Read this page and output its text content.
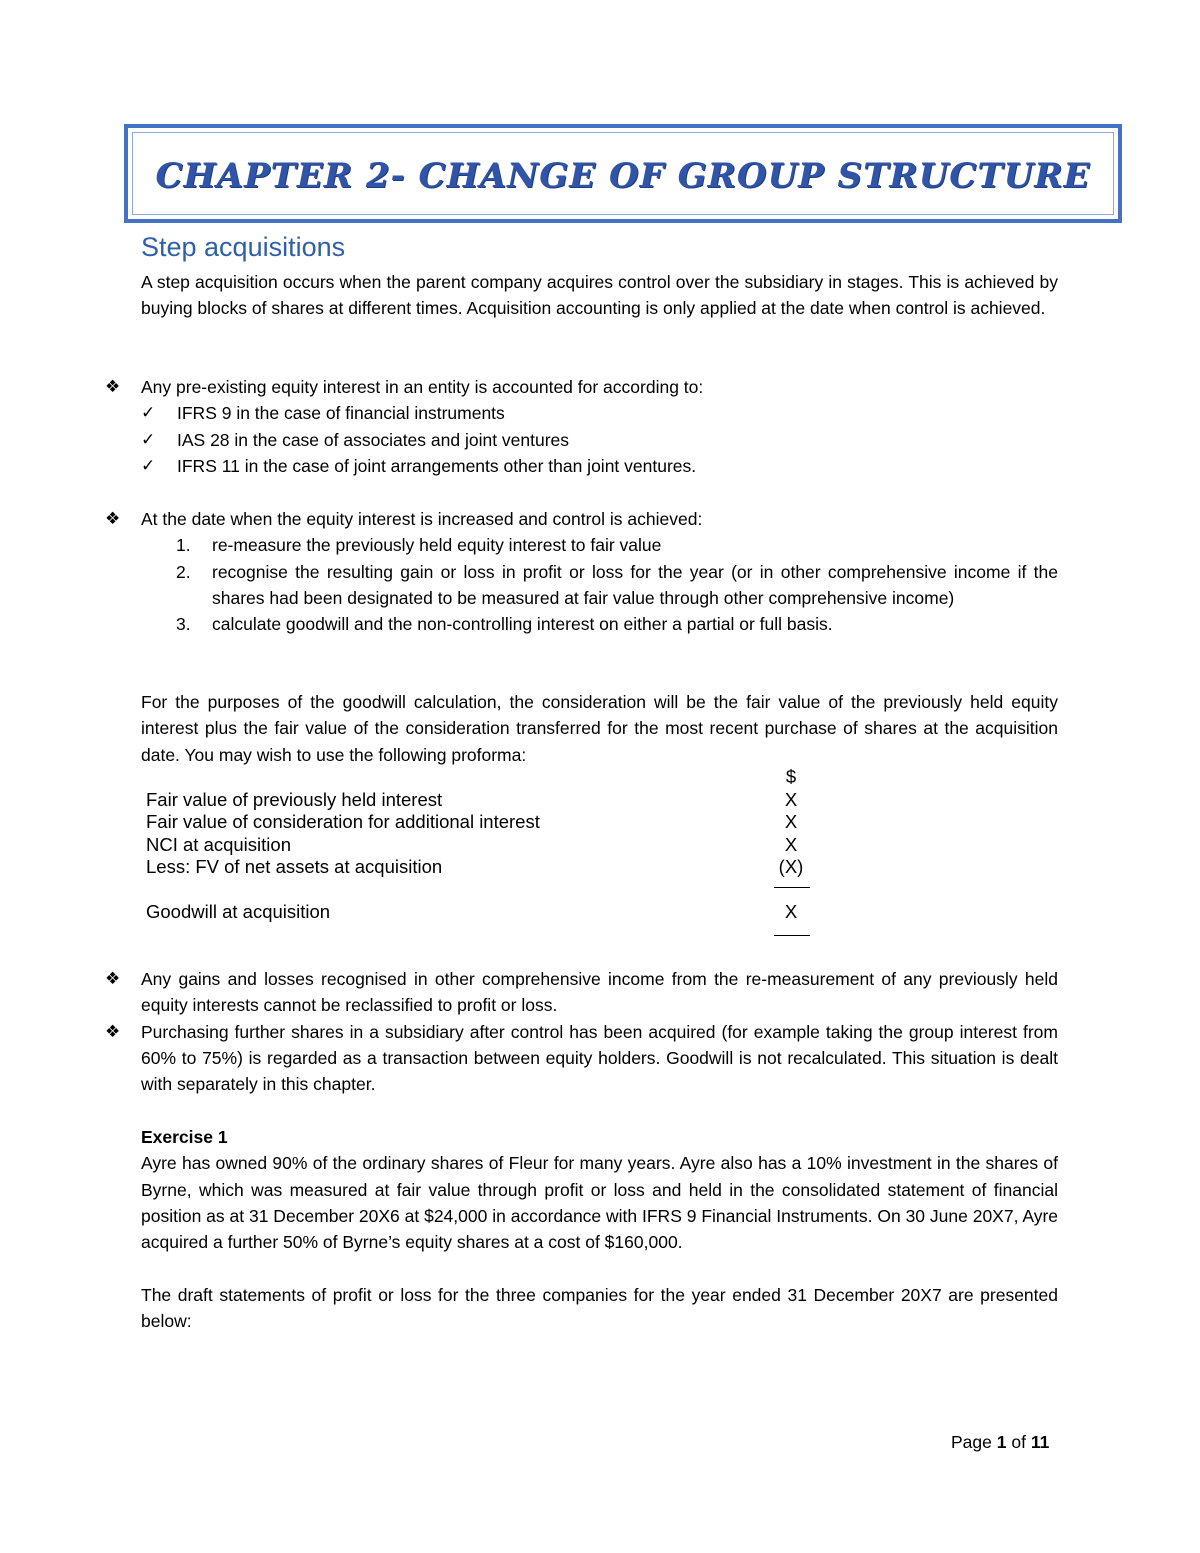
CHAPTER 2- CHANGE OF GROUP STRUCTURE
Step acquisitions

A step acquisition occurs when the parent company acquires control over the subsidiary in stages. This is achieved by buying blocks of shares at different times. Acquisition accounting is only applied at the date when control is achieved.

❖ Any pre-existing equity interest in an entity is accounted for according to:
✓ IFRS 9 in the case of financial instruments
✓ IAS 28 in the case of associates and joint ventures
✓ IFRS 11 in the case of joint arrangements other than joint ventures.
❖ At the date when the equity interest is increased and control is achieved:
1. re-measure the previously held equity interest to fair value

2. recognise the resulting gain or loss in profit or loss for the year (or in other comprehensive income if the shares had been designated to be measured at fair value through other comprehensive income)

3. calculate goodwill and the non-controlling interest on either a partial or full basis.

For the purposes of the goodwill calculation, the consideration will be the fair value of the previously held equity interest plus the fair value of the consideration transferred for the most recent purchase of shares at the acquisition date. You may wish to use the following proforma:

$
Fair value of previously held interest	X
Fair value of consideration for additional interest	X
NCI at acquisition	X
Less: FV of net assets at acquisition	(X)
Goodwill at acquisition	X
❖ Any gains and losses recognised in other comprehensive income from the re-measurement of any previously held equity interests cannot be reclassified to profit or loss.

❖ Purchasing further shares in a subsidiary after control has been acquired (for example taking the group interest from 60% to 75%) is regarded as a transaction between equity holders. Goodwill is not recalculated. This situation is dealt with separately in this chapter.

Exercise 1

Ayre has owned 90% of the ordinary shares of Fleur for many years. Ayre also has a 10% investment in the shares of Byrne, which was measured at fair value through profit or loss and held in the consolidated statement of financial position as at 31 December 20X6 at $24,000 in accordance with IFRS 9 Financial Instruments. On 30 June 20X7, Ayre acquired a further 50% of Byrne’s equity shares at a cost of $160,000.

The draft statements of profit or loss for the three companies for the year ended 31 December 20X7 are presented below:

Page 1 of 11
